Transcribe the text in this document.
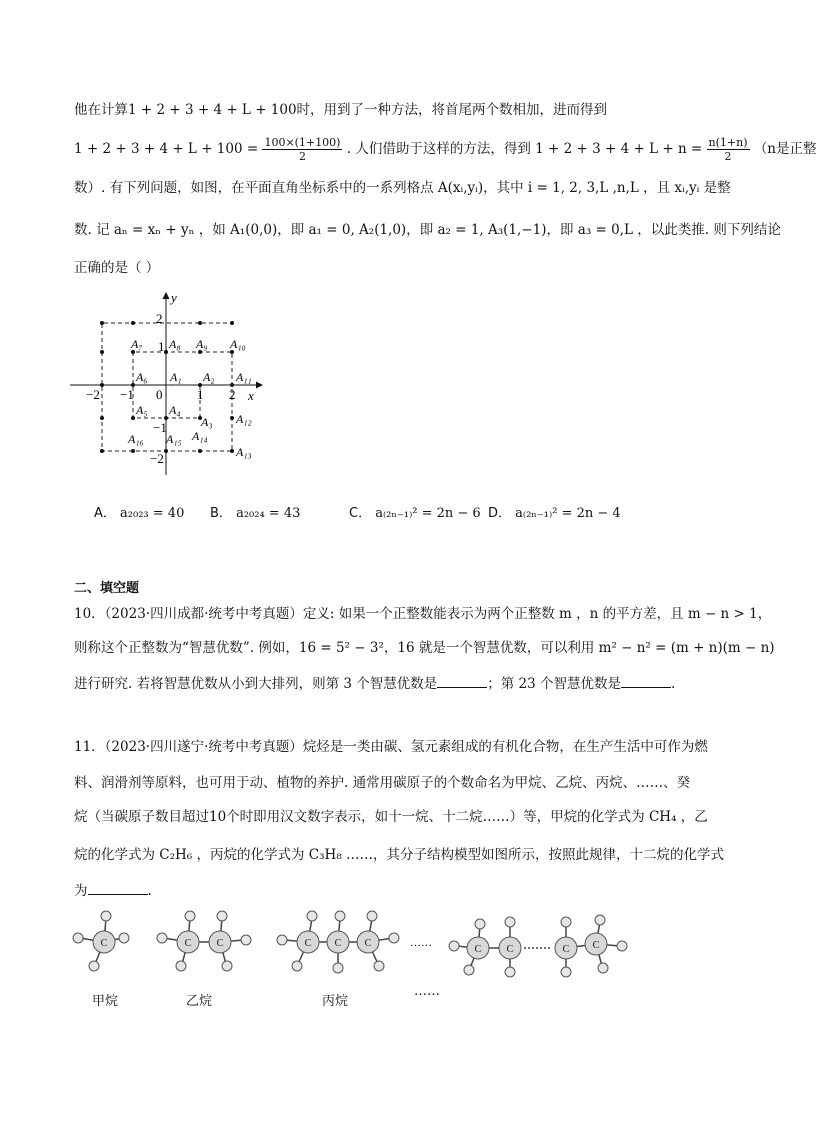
他在计算1 + 2 + 3 + 4 + L + 100时，用到了一种方法，将首尾两个数相加，进而得到
$1 + 2 + 3 + 4 + L + 100 = \frac{100\times(1+100)}{2}$ . 人们借助于这样的方法，得到 $1 + 2 + 3 + 4 + L + n = \frac{n(1+n)}{2} (n$是正整
数）. 有下列问题，如图，在平面直角坐标系中的一系列格点 A(xᵢ,yᵢ)，其中 i = 1, 2, 3,L ,n,L ，且 xᵢ,yᵢ 是整
数. 记 aₙ = xₙ + yₙ ，如 A₁(0,0)，即 a₁ = 0, A₂(1,0)，即 a₂ = 1, A₃(1,−1)，即 a₃ = 0,L ，以此类推. 则下列结论
正确的是（ ）
y
x
0
−2 −1	1 2
2
1
−1
−2
A₁ A₂
A₃
A₄
A₅
A₆
A₇ A₈ A₉ A₁₀
A₁₁
A₁₂
A₁₃
A₁₄
A₁₅
A₁₆
A． a₂₀₂₃ = 40 B． a₂₀₂₄ = 43	C． a₍₂ₙ₋₁₎² = 2n − 6 D． a₍₂ₙ₋₁₎² = 2n − 4
二、填空题
10．（2023·四川成都·统考中考真题）定义: 如果一个正整数能表示为两个正整数 m ，n 的平方差，且 m − n > 1，
则称这个正整数为“智慧优数”. 例如，16 = 5² − 3²，16 就是一个智慧优数，可以利用 m² − n² = (m + n)(m − n)
进行研究. 若将智慧优数从小到大排列，则第 3 个智慧优数是	；第 23 个智慧优数是	.
11．（2023·四川遂宁·统考中考真题）烷烃是一类由碳、氢元素组成的有机化合物，在生产生活中可作为燃
料、润滑剂等原料，也可用于动、植物的养护. 通常用碳原子的个数命名为甲烷、乙烷、丙烷、……、癸
烷（当碳原子数目超过10个时即用汉文数字表示，如十一烷、十二烷……）等，甲烷的化学式为 CH₄ ，乙
烷的化学式为 C₂H₆ ，丙烷的化学式为 C₃H₈ ……，其分子结构模型如图所示，按照此规律，十二烷的化学式
为	.
C	C	C	C C C
C	C	C C
……
甲烷	乙烷	丙烷
……
